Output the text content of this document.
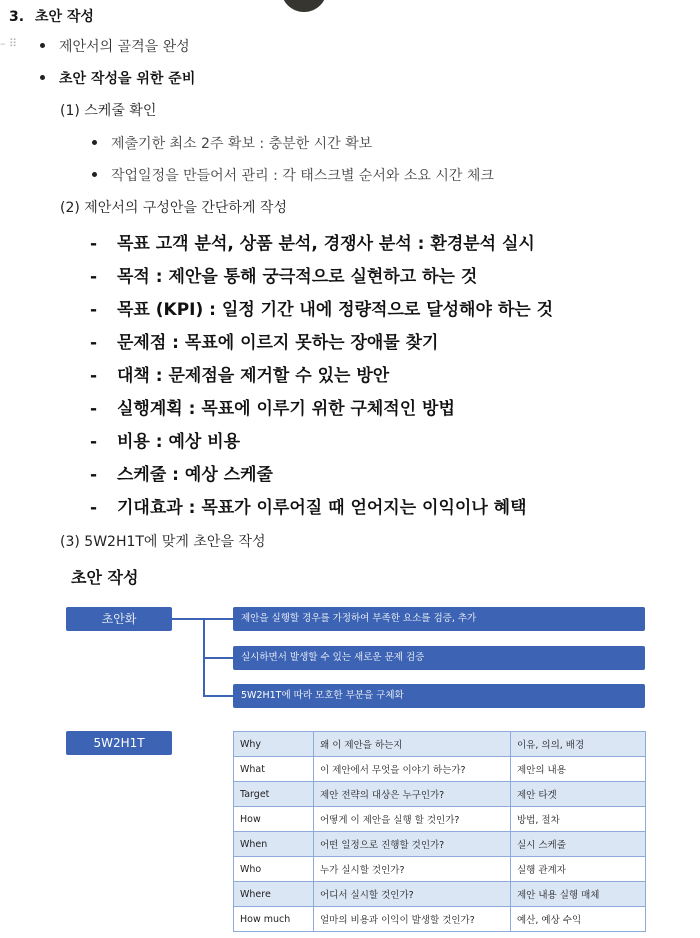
3. 초안 작성
– ⠿	제안서의 골격을 완성
초안 작성을 위한 준비
(1) 스케줄 확인
제출기한 최소 2주 확보 : 충분한 시간 확보
작업일정을 만들어서 관리 : 각 태스크별 순서와 소요 시간 체크
(2) 제안서의 구성안을 간단하게 작성
- 목표 고객 분석, 상품 분석, 경쟁사 분석 : 환경분석 실시
- 목적 : 제안을 통해 궁극적으로 실현하고 하는 것
- 목표 (KPI) : 일정 기간 내에 정량적으로 달성해야 하는 것
- 문제점 : 목표에 이르지 못하는 장애물 찾기
- 대책 : 문제점을 제거할 수 있는 방안
- 실행계획 : 목표에 이루기 위한 구체적인 방법
- 비용 : 예상 비용
- 스케줄 : 예상 스케줄
- 기대효과 : 목표가 이루어질 때 얻어지는 이익이나 혜택
(3) 5W2H1T에 맞게 초안을 작성
초안 작성
초안화	제안을 실행할 경우를 가정하여 부족한 요소를 검증, 추가
실시하면서 발생할 수 있는 새로운 문제 검증
5W2H1T에 따라 모호한 부분을 구체화
5W2H1T	Why	왜 이 제안을 하는지	이유, 의의, 배경
What	이 제안에서 무엇을 이야기 하는가?	제안의 내용
Target	제안 전략의 대상은 누구인가?	제안 타겟
How	어떻게 이 제안을 실행 할 것인가?	방법, 절차
When	어떤 일정으로 진행할 것인가?	실시 스케줄
Who	누가 실시할 것인가?	실행 관계자
Where	어디서 실시할 것인가?	제안 내용 실행 매체
How much	얼마의 비용과 이익이 발생할 것인가?	예산, 예상 수익
